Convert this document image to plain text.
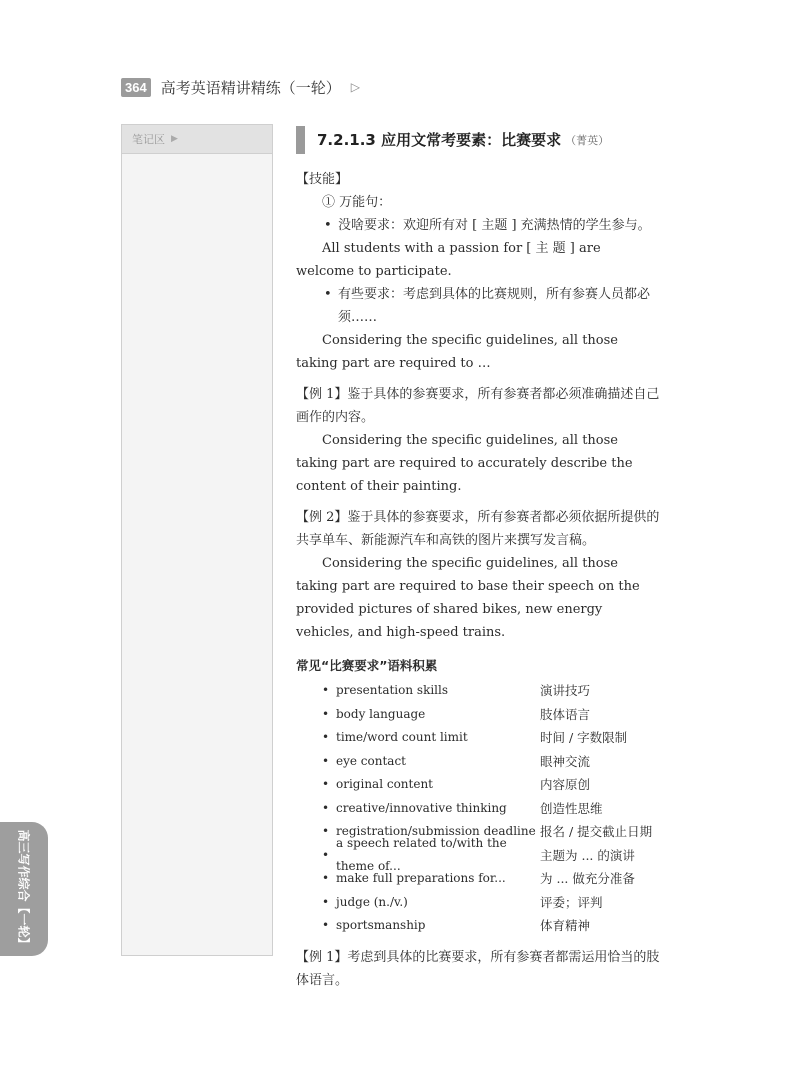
364 高考英语精讲精练（一轮） ▷
笔记区 ▶
高三写作综合【一轮】
7.2.1.3 应用文常考要素：比赛要求 （菁英）

【技能】

① 万能句：

• 没啥要求：欢迎所有对 [ 主题 ] 充满热情的学生参与。

All students with a passion for [ 主 题 ] are welcome to participate.

• 有些要求：考虑到具体的比赛规则，所有参赛人员都必须……

Considering the specific guidelines, all those taking part are required to …

【例 1】鉴于具体的参赛要求，所有参赛者都必须准确描述自己画作的内容。

Considering the specific guidelines, all those taking part are required to accurately describe the content of their painting.

【例 2】鉴于具体的参赛要求，所有参赛者都必须依据所提供的共享单车、新能源汽车和高铁的图片来撰写发言稿。

Considering the specific guidelines, all those taking part are required to base their speech on the provided pictures of shared bikes, new energy vehicles, and high-speed trains.

常见“比赛要求”语料积累

• presentation skills	演讲技巧
• body language	肢体语言
• time/word count limit	时间 / 字数限制
• eye contact	眼神交流
• original content	内容原创
• creative/innovative thinking	创造性思维
• registration/submission deadline 报名 / 提交截止日期
•
a speech related to/with the theme of...
主题为 ... 的演讲
• make full preparations for...	为 ... 做充分准备
• judge (n./v.)	评委；评判
• sportsmanship	体育精神

【例 1】考虑到具体的比赛要求，所有参赛者都需运用恰当的肢体语言。
